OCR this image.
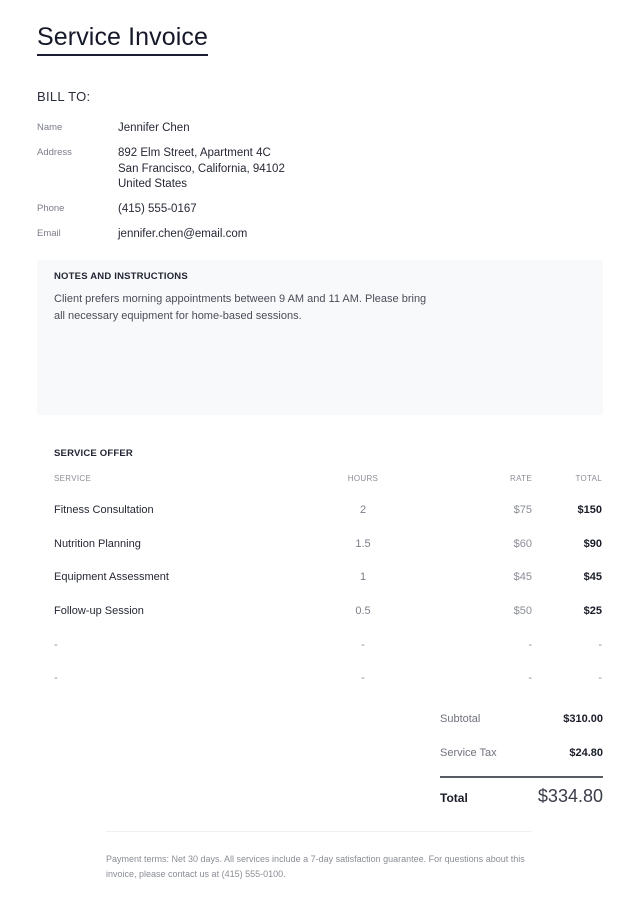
Service Invoice
BILL TO:
Name	Jennifer Chen
Address	892 Elm Street, Apartment 4C
San Francisco, California, 94102
United States
Phone	(415) 555-0167
Email	jennifer.chen@email.com
NOTES AND INSTRUCTIONS
Client prefers morning appointments between 9 AM and 11 AM. Please bring all necessary equipment for home-based sessions.
SERVICE OFFER
SERVICE	HOURS	RATE	TOTAL
Fitness Consultation	2	$75	$150
Nutrition Planning	1.5	$60	$90
Equipment Assessment	1	$45	$45
Follow-up Session	0.5	$50	$25
-	-	-	-
-	-	-	-
Subtotal	$310.00
Service Tax	$24.80
Total	$334.80
Payment terms: Net 30 days. All services include a 7-day satisfaction guarantee. For questions about this invoice, please contact us at (415) 555-0100.
